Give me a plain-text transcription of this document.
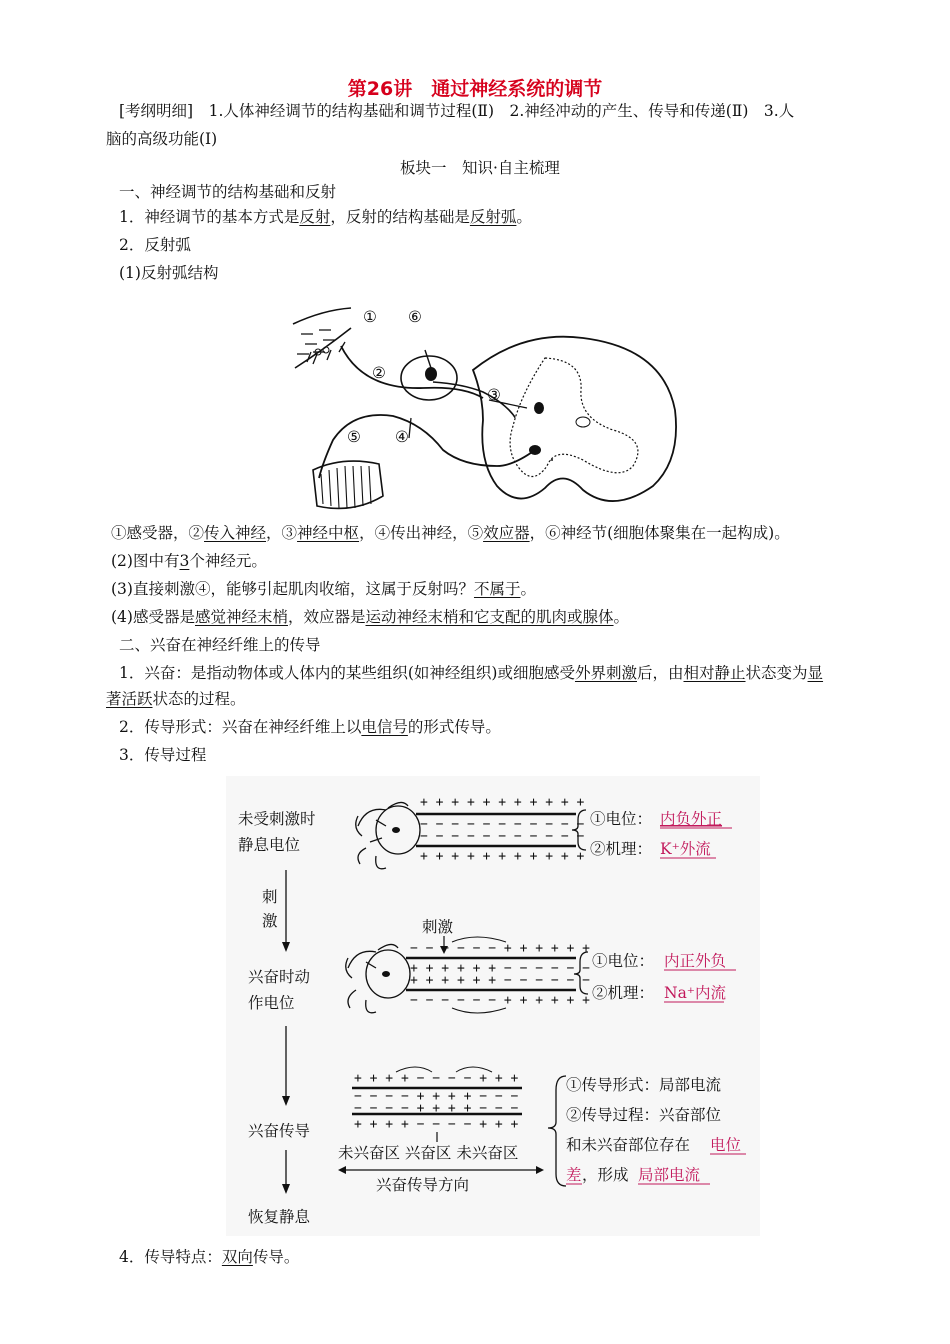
第26讲　通过神经系统的调节
[考纲明细]　1.人体神经调节的结构基础和调节过程(Ⅱ)　2.神经冲动的产生、传导和传递(Ⅱ)　3.人
脑的高级功能(Ⅰ)
板块一　知识·自主梳理
一、神经调节的结构基础和反射
1．神经调节的基本方式是反射，反射的结构基础是反射弧。
2．反射弧
(1)反射弧结构
① ⑥
②
③
⑤ ④
①感受器，②传入神经，③神经中枢，④传出神经，⑤效应器，⑥神经节(细胞体聚集在一起构成)。
(2)图中有3个神经元。
(3)直接刺激④，能够引起肌肉收缩，这属于反射吗？不属于。
(4)感受器是感觉神经末梢，效应器是运动神经末梢和它支配的肌肉或腺体。
二、兴奋在神经纤维上的传导
1．兴奋：是指动物体或人体内的某些组织(如神经组织)或细胞感受外界刺激后，由相对静止状态变为显
著活跃状态的过程。
2．传导形式：兴奋在神经纤维上以电信号的形式传导。
3．传导过程
未受刺激时
静息电位
刺
激
兴奋时动
作电位
兴奋传导
恢复静息
+ + + + + + + + + + +
− − − − − − − − − − −
− − − − − − − − − − −
+ + + + + + + + + + +
①电位： 内负外正
②机理： K⁺外流
刺激
− − − − − − + + + + + +
+ + + + + + − − − − − −
+ + + + + + − − − − − −
− − − − − − + + + + + +
①电位： 内正外负
②机理： Na⁺内流
+ + + + − − − − + + +
− − − − + + + + − − −
− − − − + + + + − − −
+ + + + − − − − + + +
未兴奋区 兴奋区 未兴奋区
兴奋传导方向
①传导形式：局部电流
②传导过程：兴奋部位
和未兴奋部位存在 电位
差 ，形成 局部电流
4．传导特点：双向传导。
